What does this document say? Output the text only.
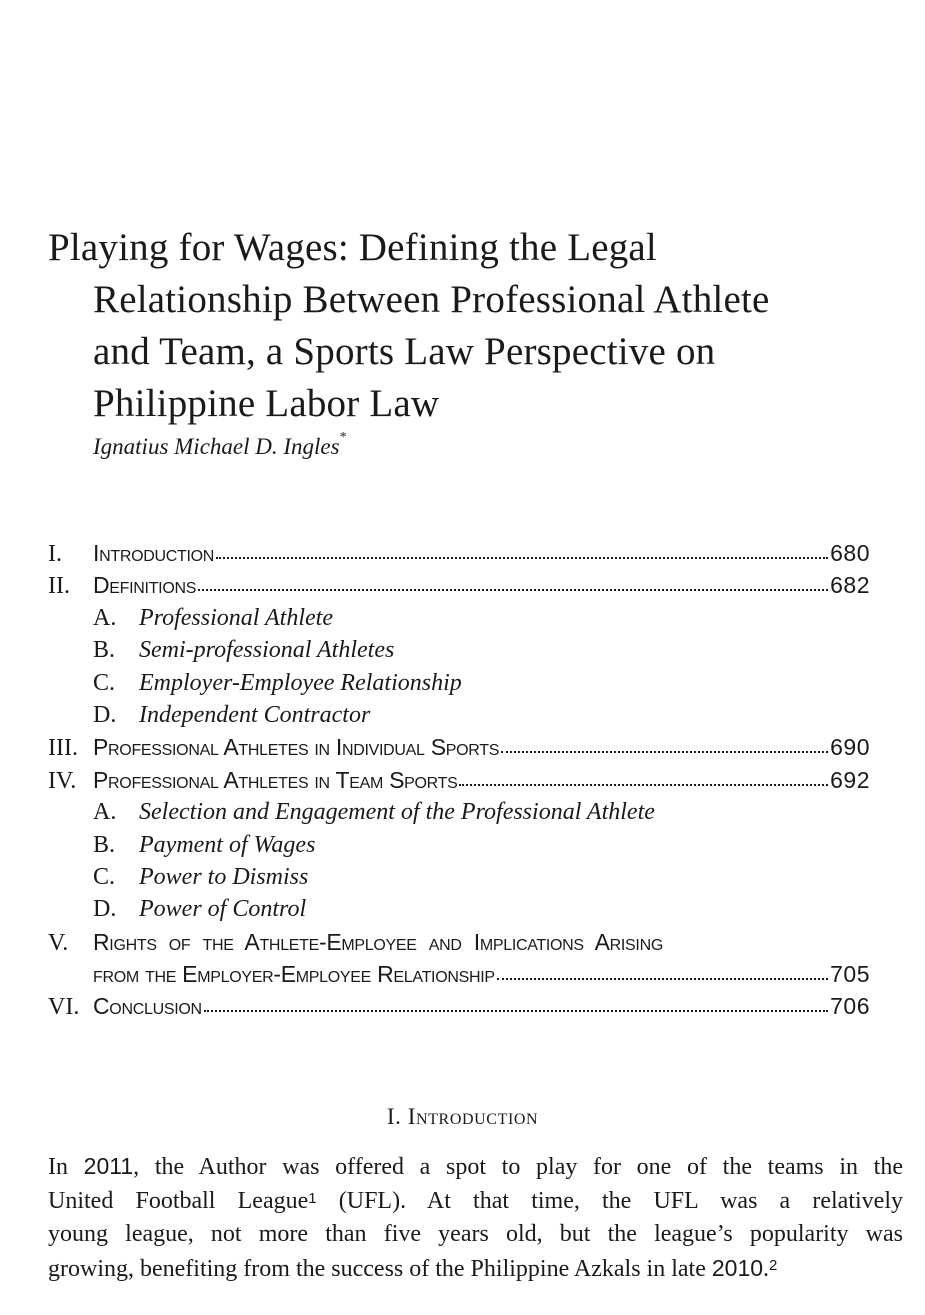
Playing for Wages: Defining the Legal
Relationship Between Professional Athlete
and Team, a Sports Law Perspective on
Philippine Labor Law
Ignatius Michael D. Ingles*
I.	Introduction	680
II.	Definitions	682
A. Professional Athlete
B. Semi-professional Athletes
C. Employer-Employee Relationship
D. Independent Contractor
III. Professional Athletes in Individual Sports	690
IV. Professional Athletes in Team Sports	692
A. Selection and Engagement of the Professional Athlete
B. Payment of Wages
C. Power to Dismiss
D. Power of Control
V.	Rights of the Athlete-Employee and Implications Arising
from the Employer-Employee Relationship	705
VI. Conclusion	706
I. Introduction

In 2011, the Author was offered a spot to play for one of the teams in the
United Football League$^1$ (UFL). At that time, the UFL was a relatively
young league, not more than five years old, but the league’s popularity was
growing, benefiting from the success of the Philippine Azkals in late 2010.$^2$
